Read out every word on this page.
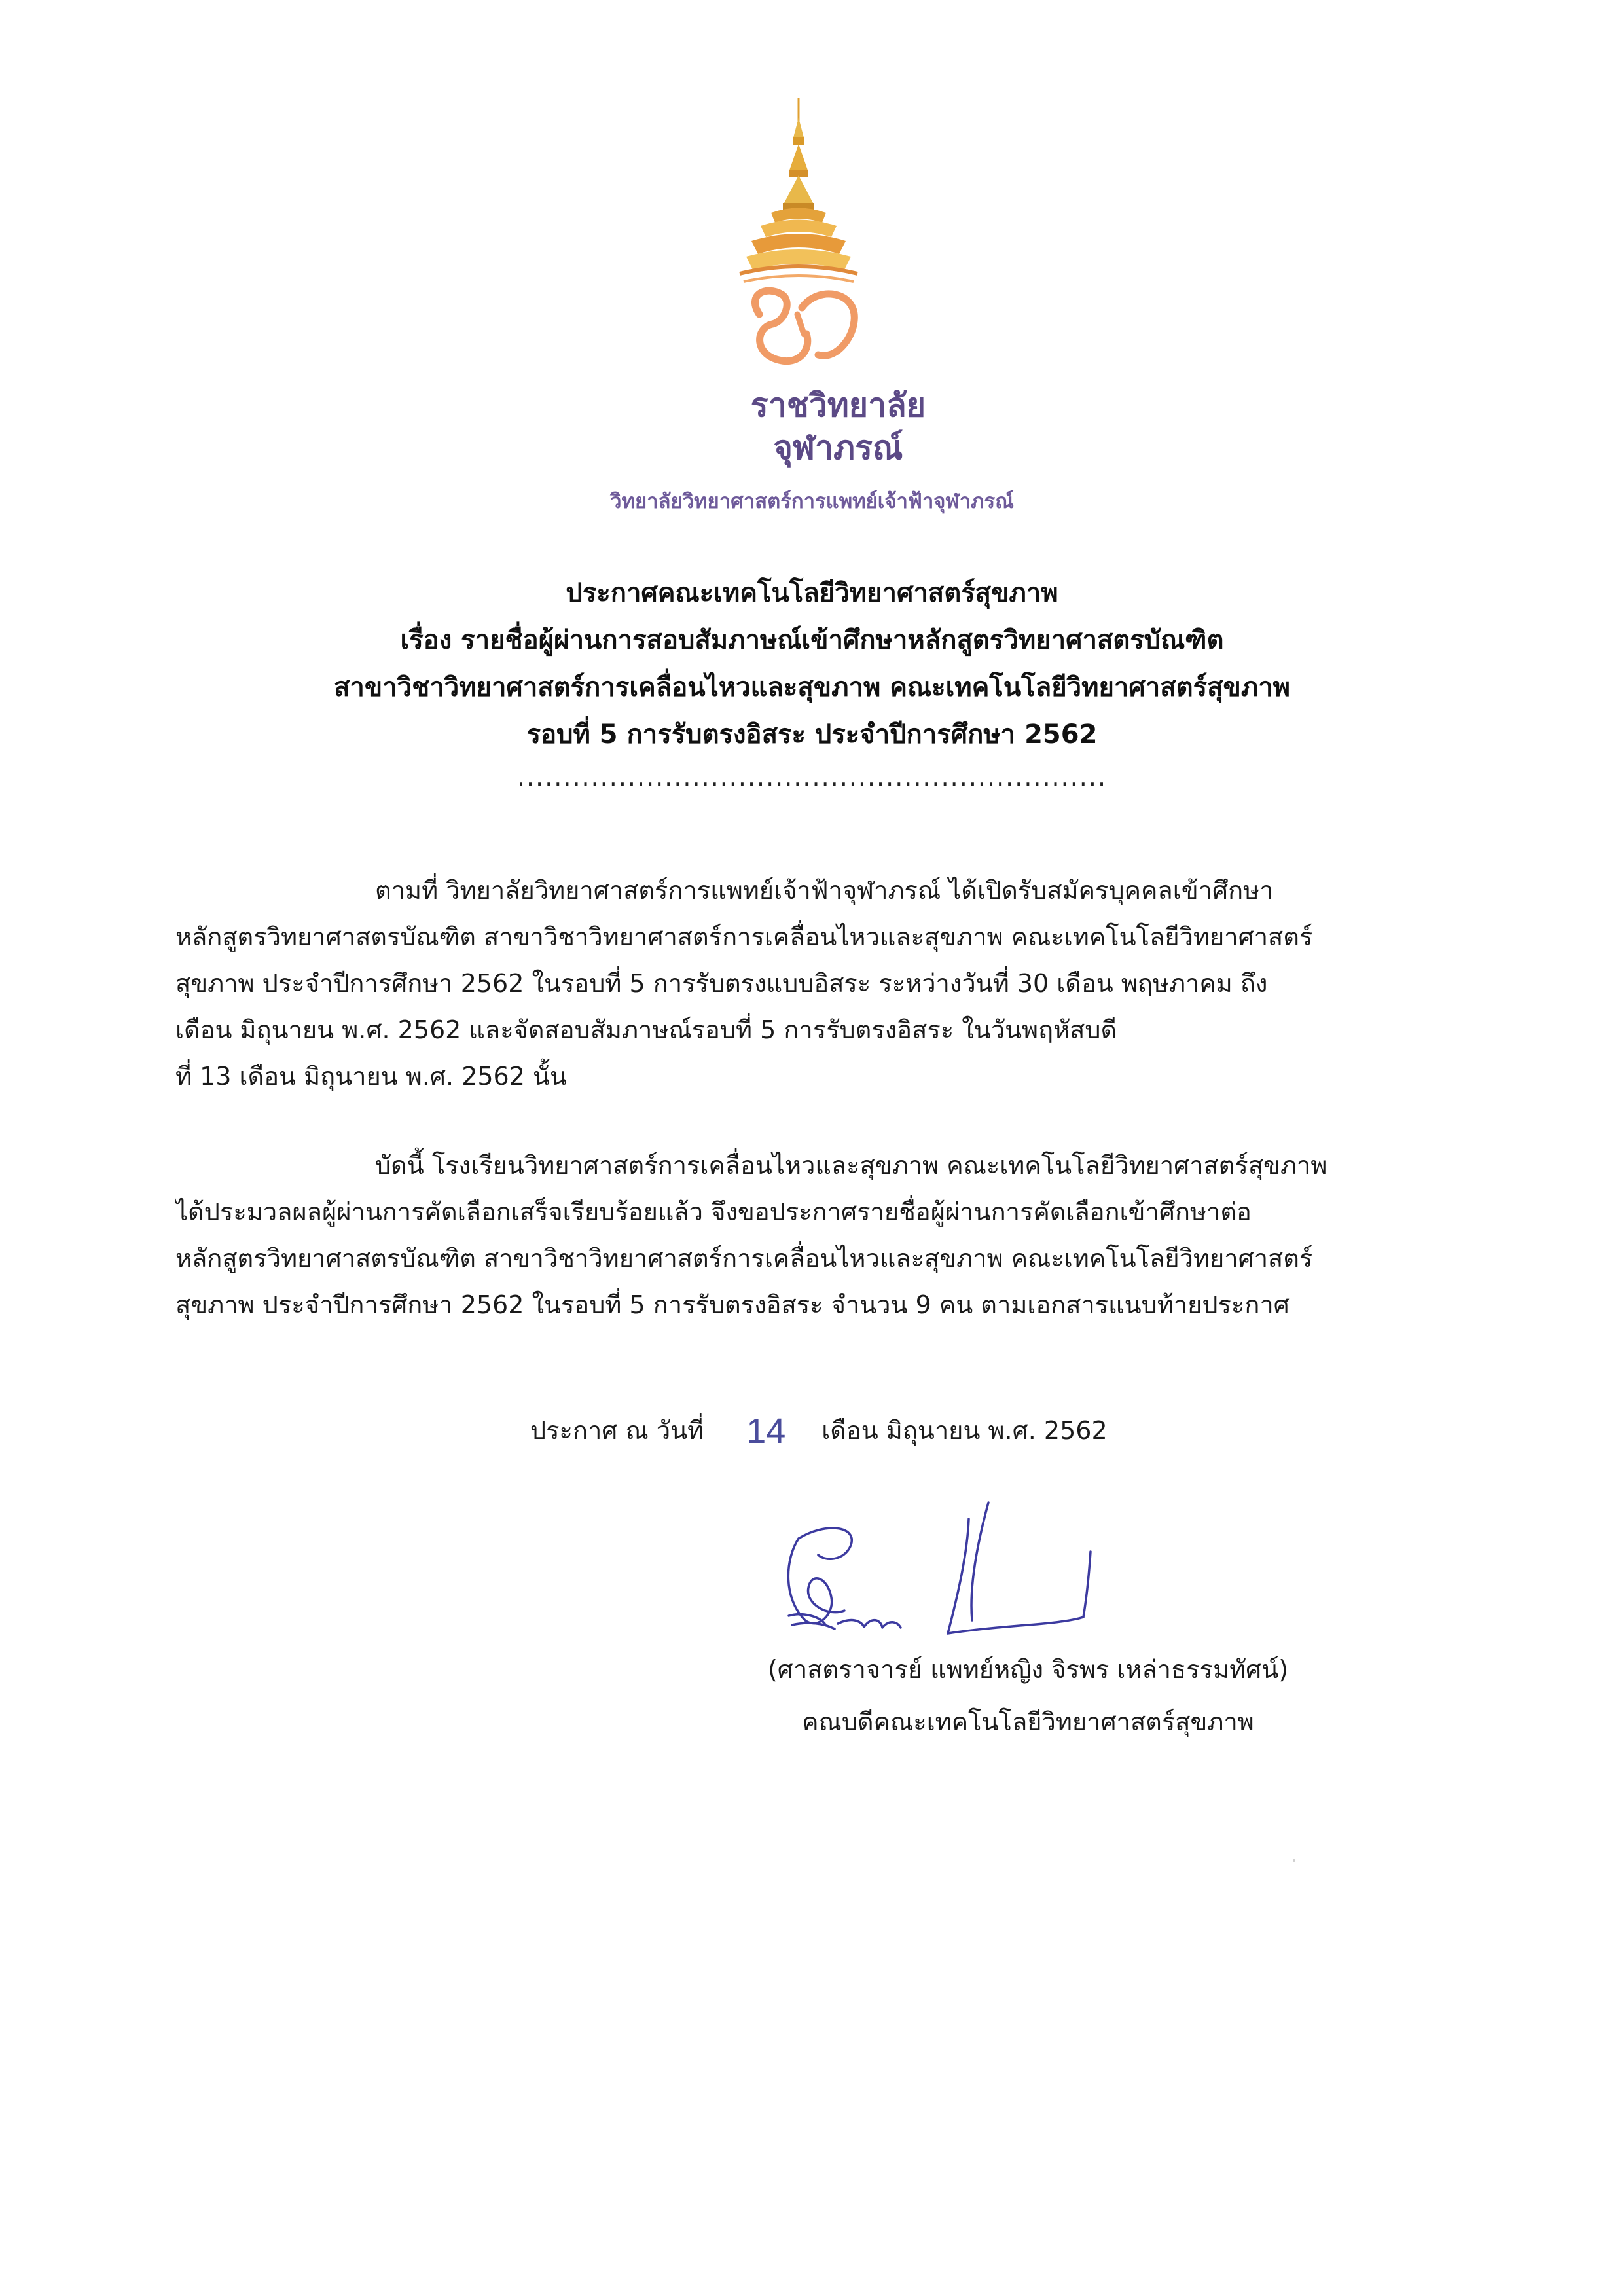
ราชวิทยาลัย
จุฬาภรณ์
วิทยาลัยวิทยาศาสตร์การแพทย์เจ้าฟ้าจุฬาภรณ์
ประกาศคณะเทคโนโลยีวิทยาศาสตร์สุขภาพ
เรื่อง รายชื่อผู้ผ่านการสอบสัมภาษณ์เข้าศึกษาหลักสูตรวิทยาศาสตรบัณฑิต
สาขาวิชาวิทยาศาสตร์การเคลื่อนไหวและสุขภาพ คณะเทคโนโลยีวิทยาศาสตร์สุขภาพ
รอบที่ 5 การรับตรงอิสระ ประจำปีการศึกษา 2562
................................................................
ตามที่ วิทยาลัยวิทยาศาสตร์การแพทย์เจ้าฟ้าจุฬาภรณ์ ได้เปิดรับสมัครบุคคลเข้าศึกษา
หลักสูตรวิทยาศาสตรบัณฑิต สาขาวิชาวิทยาศาสตร์การเคลื่อนไหวและสุขภาพ คณะเทคโนโลยีวิทยาศาสตร์
สุขภาพ ประจำปีการศึกษา 2562 ในรอบที่ 5 การรับตรงแบบอิสระ ระหว่างวันที่ 30 เดือน พฤษภาคม ถึง
เดือน มิถุนายน พ.ศ. 2562 และจัดสอบสัมภาษณ์รอบที่ 5 การรับตรงอิสระ ในวันพฤหัสบดี
ที่ 13 เดือน มิถุนายน พ.ศ. 2562 นั้น
บัดนี้ โรงเรียนวิทยาศาสตร์การเคลื่อนไหวและสุขภาพ คณะเทคโนโลยีวิทยาศาสตร์สุขภาพ
ได้ประมวลผลผู้ผ่านการคัดเลือกเสร็จเรียบร้อยแล้ว จึงขอประกาศรายชื่อผู้ผ่านการคัดเลือกเข้าศึกษาต่อ
หลักสูตรวิทยาศาสตรบัณฑิต สาขาวิชาวิทยาศาสตร์การเคลื่อนไหวและสุขภาพ คณะเทคโนโลยีวิทยาศาสตร์
สุขภาพ ประจำปีการศึกษา 2562 ในรอบที่ 5 การรับตรงอิสระ จำนวน 9 คน ตามเอกสารแนบท้ายประกาศ
ประกาศ ณ วันที่ 14 เดือน มิถุนายน พ.ศ. 2562
(ศาสตราจารย์ แพทย์หญิง จิรพร เหล่าธรรมทัศน์)
คณบดีคณะเทคโนโลยีวิทยาศาสตร์สุขภาพ
